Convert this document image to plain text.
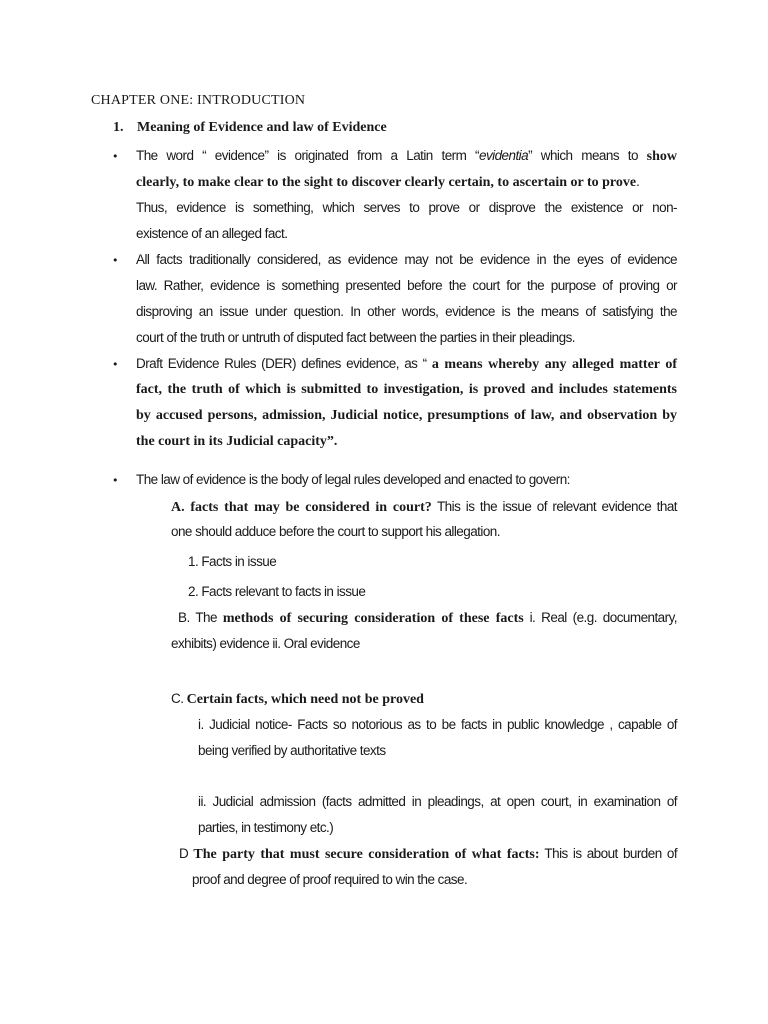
CHAPTER ONE: INTRODUCTION
1. Meaning of Evidence and law of Evidence
• The word “ evidence” is originated from a Latin term “evidentia” which means to show
clearly, to make clear to the sight to discover clearly certain, to ascertain or to prove.
Thus, evidence is something, which serves to prove or disprove the existence or non-
existence of an alleged fact.
• All facts traditionally considered, as evidence may not be evidence in the eyes of evidence
law. Rather, evidence is something presented before the court for the purpose of proving or
disproving an issue under question. In other words, evidence is the means of satisfying the
court of the truth or untruth of disputed fact between the parties in their pleadings.
• Draft Evidence Rules (DER) defines evidence, as “ a means whereby any alleged matter of
fact, the truth of which is submitted to investigation, is proved and includes statements
by accused persons, admission, Judicial notice, presumptions of law, and observation by
the court in its Judicial capacity”.
• The law of evidence is the body of legal rules developed and enacted to govern:
A. facts that may be considered in court? This is the issue of relevant evidence that
one should adduce before the court to support his allegation.
1. Facts in issue
2. Facts relevant to facts in issue
B. The methods of securing consideration of these facts i. Real (e.g. documentary,
exhibits) evidence ii. Oral evidence
C. Certain facts, which need not be proved
i. Judicial notice- Facts so notorious as to be facts in public knowledge , capable of
being verified by authoritative texts
ii. Judicial admission (facts admitted in pleadings, at open court, in examination of
parties, in testimony etc.)
D The party that must secure consideration of what facts: This is about burden of
proof and degree of proof required to win the case.
